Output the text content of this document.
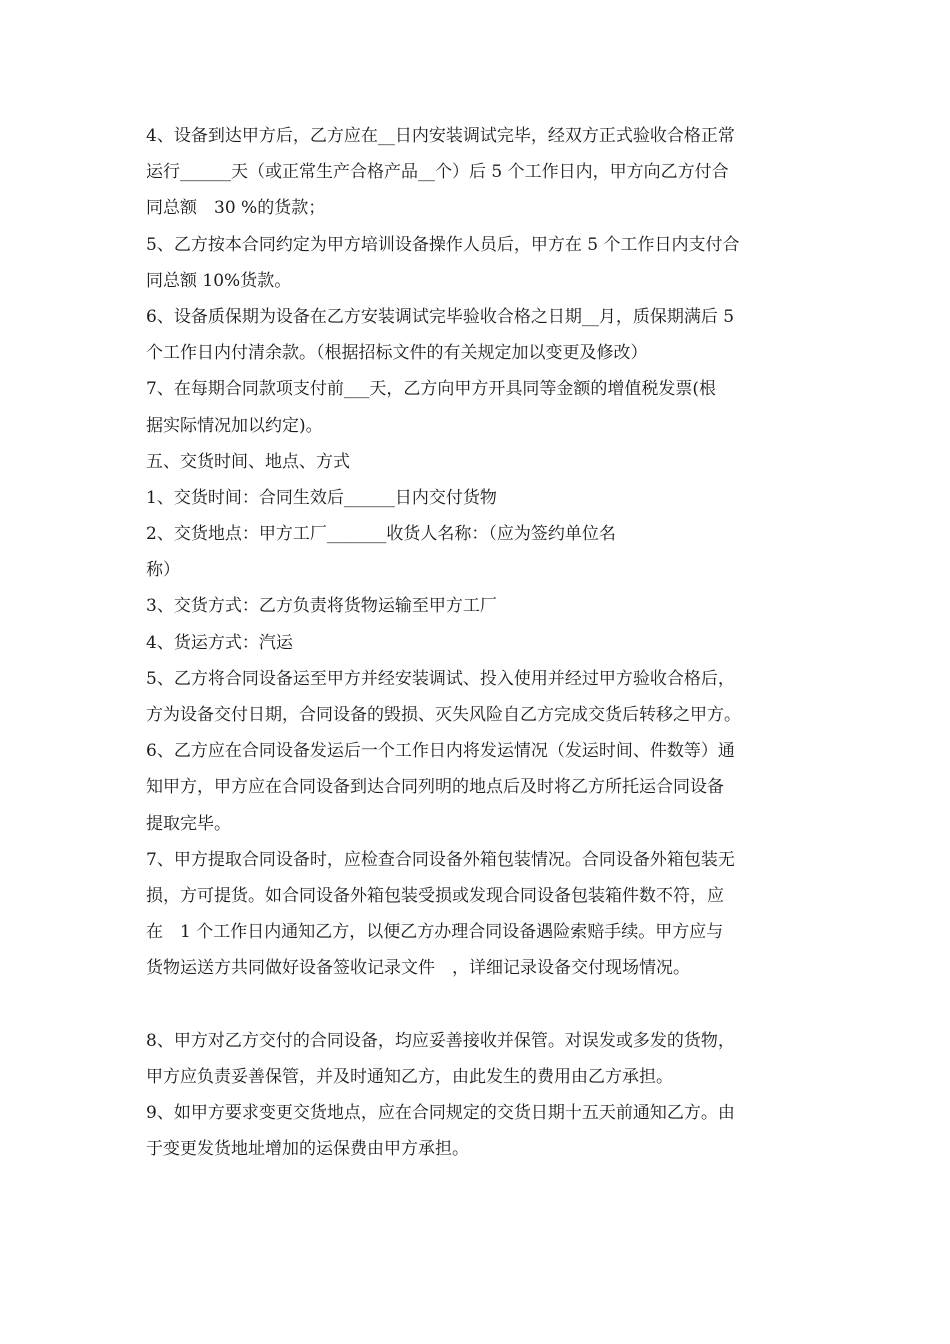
4、设备到达甲方后，乙方应在__日内安装调试完毕，经双方正式验收合格正常
运行______天（或正常生产合格产品__个）后 5 个工作日内，甲方向乙方付合
同总额　30 %的货款；
5、乙方按本合同约定为甲方培训设备操作人员后，甲方在 5 个工作日内支付合
同总额 10%货款。
6、设备质保期为设备在乙方安装调试完毕验收合格之日期__月，质保期满后 5
个工作日内付清余款。（根据招标文件的有关规定加以变更及修改）
7、在每期合同款项支付前___天，乙方向甲方开具同等金额的增值税发票(根
据实际情况加以约定)。
五、交货时间、地点、方式
1、交货时间：合同生效后______日内交付货物
2、交货地点：甲方工厂_______收货人名称：（应为签约单位名
称）
3、交货方式：乙方负责将货物运输至甲方工厂
4、货运方式：汽运
5、乙方将合同设备运至甲方并经安装调试、投入使用并经过甲方验收合格后，
方为设备交付日期，合同设备的毁损、灭失风险自乙方完成交货后转移之甲方。
6、乙方应在合同设备发运后一个工作日内将发运情况（发运时间、件数等）通
知甲方，甲方应在合同设备到达合同列明的地点后及时将乙方所托运合同设备
提取完毕。
7、甲方提取合同设备时，应检查合同设备外箱包装情况。合同设备外箱包装无
损，方可提货。如合同设备外箱包装受损或发现合同设备包装箱件数不符，应
在　1 个工作日内通知乙方，以便乙方办理合同设备遇险索赔手续。甲方应与
货物运送方共同做好设备签收记录文件　，详细记录设备交付现场情况。
8、甲方对乙方交付的合同设备，均应妥善接收并保管。对误发或多发的货物，
甲方应负责妥善保管，并及时通知乙方，由此发生的费用由乙方承担。
9、如甲方要求变更交货地点，应在合同规定的交货日期十五天前通知乙方。由
于变更发货地址增加的运保费由甲方承担。
